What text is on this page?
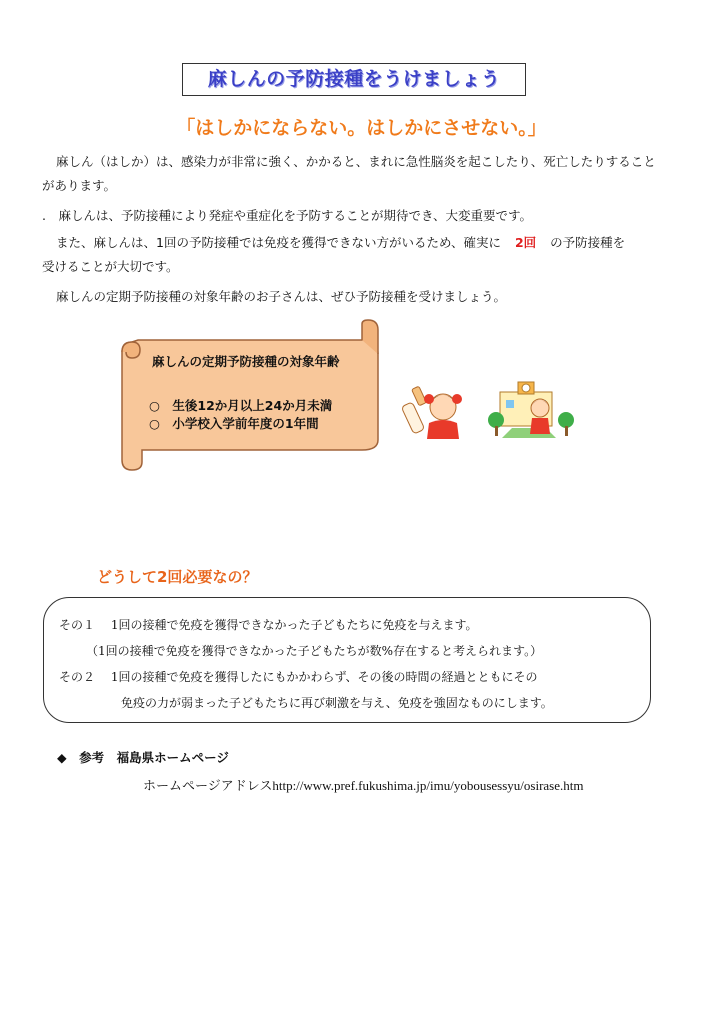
麻しんの予防接種をうけましょう
「はしかにならない。はしかにさせない。」
麻しん（はしか）は、感染力が非常に強く、かかると、まれに急性脳炎を起こしたり、死亡したりすること
があります。
.　麻しんは、予防接種により発症や重症化を予防することが期待でき、大変重要です。
また、麻しんは、1回の予防接種では免疫を獲得できない方がいるため、確実に 2回 の予防接種を
受けることが大切です。
麻しんの定期予防接種の対象年齢のお子さんは、ぜひ予防接種を受けましょう。
麻しんの定期予防接種の対象年齢
○　生後12か月以上24か月未満
○　小学校入学前年度の1年間
どうして2回必要なの？
その１　 1回の接種で免疫を獲得できなかった子どもたちに免疫を与えます。
　（1回の接種で免疫を獲得できなかった子どもたちが数%存在すると考えられます。）
その２　 1回の接種で免疫を獲得したにもかかわらず、その後の時間の経過とともにその
免疫の力が弱まった子どもたちに再び刺激を与え、免疫を強固なものにします。
◆　参考　福島県ホームページ
ホームページアドレスhttp://www.pref.fukushima.jp/imu/yobousessyu/osirase.htm
